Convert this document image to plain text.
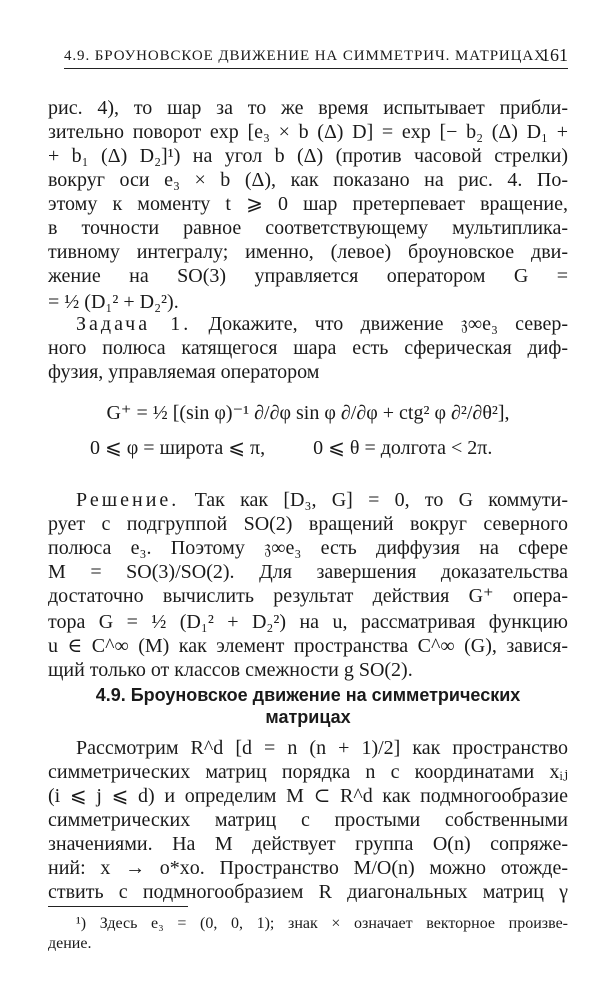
4.9. БРОУНОВСКОЕ ДВИЖЕНИЕ НА СИММЕТРИЧ. МАТРИЦАХ
161
рис. 4), то шар за то же время испытывает прибли-
зительно поворот exp [e₃ × b (Δ) D] = exp [− b₂ (Δ) D₁ +
+ b₁ (Δ) D₂]¹) на угол b (Δ) (против часовой стрелки)
вокруг оси e₃ × b (Δ), как показано на рис. 4. По-
этому к моменту t ⩾ 0 шар претерпевает вращение,
в точности равное соответствующему мультиплика-
тивному интегралу; именно, (левое) броуновское дви-
жение на SO(3) управляется оператором G =
= ½ (D₁² + D₂²).
Задача 1. Докажите, что движение 𝔷∞e₃ север-
ного полюса катящегося шара есть сферическая диф-
фузия, управляемая оператором
G⁺ = ½ [(sin φ)⁻¹ ∂/∂φ sin φ ∂/∂φ + ctg² φ ∂²/∂θ²],
0 ⩽ φ = широта ⩽ π, 0 ⩽ θ = долгота < 2π.
Решение. Так как [D₃, G] = 0, то G коммути-
рует с подгруппой SO(2) вращений вокруг северного
полюса e₃. Поэтому 𝔷∞e₃ есть диффузия на сфере
M = SO(3)/SO(2). Для завершения доказательства
достаточно вычислить результат действия G⁺ опера-
тора G = ½ (D₁² + D₂²) на u, рассматривая функцию
u ∈ C^∞ (M) как элемент пространства C^∞ (G), завися-
щий только от классов смежности g SO(2).
4.9. Броуновское движение на симметрических
матрицах
Рассмотрим R^d [d = n (n + 1)/2] как пространство
симметрических матриц порядка n с координатами xᵢⱼ
(i ⩽ j ⩽ d) и определим M ⊂ R^d как подмногообразие
симметрических матриц с простыми собственными
значениями. На M действует группа O(n) сопряже-
ний: x → o*xo. Пространство M/O(n) можно отожде-
ствить с подмногообразием R диагональных матриц γ
¹) Здесь e₃ = (0, 0, 1); знак × означает векторное произве-
дение.
